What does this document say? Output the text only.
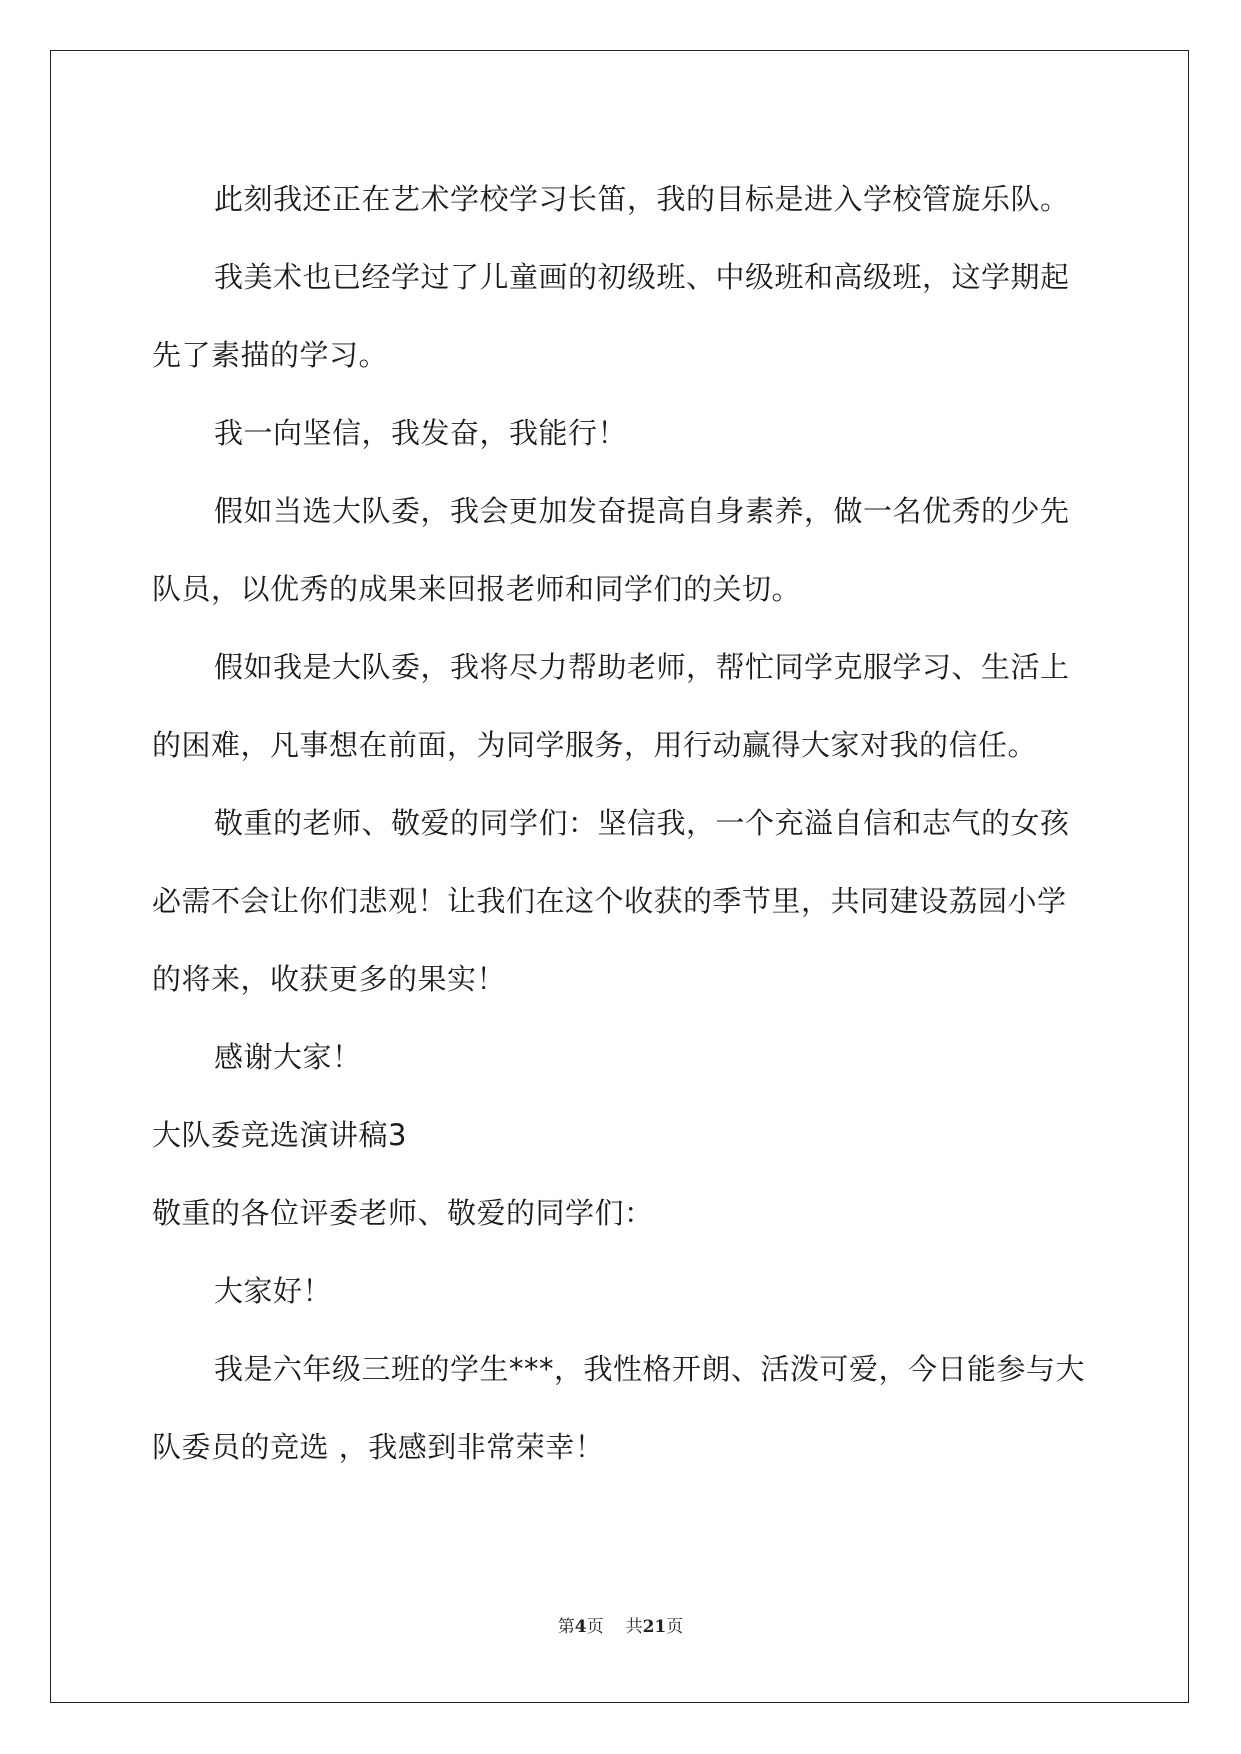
此刻我还正在艺术学校学习长笛，我的目标是进入学校管旋乐队。

我美术也已经学过了儿童画的初级班、中级班和高级班，这学期起先了素描的学习。

我一向坚信，我发奋，我能行！

假如当选大队委，我会更加发奋提高自身素养，做一名优秀的少先队员，以优秀的成果来回报老师和同学们的关切。

假如我是大队委，我将尽力帮助老师，帮忙同学克服学习、生活上的困难，凡事想在前面，为同学服务，用行动赢得大家对我的信任。

敬重的老师、敬爱的同学们：坚信我，一个充溢自信和志气的女孩必需不会让你们悲观！让我们在这个收获的季节里，共同建设荔园小学的将来，收获更多的果实！

感谢大家！

大队委竞选演讲稿3

敬重的各位评委老师、敬爱的同学们：

大家好！

我是六年级三班的学生***，我性格开朗、活泼可爱，今日能参与大队委员的竞选 ，我感到非常荣幸！

第4页 共21页
